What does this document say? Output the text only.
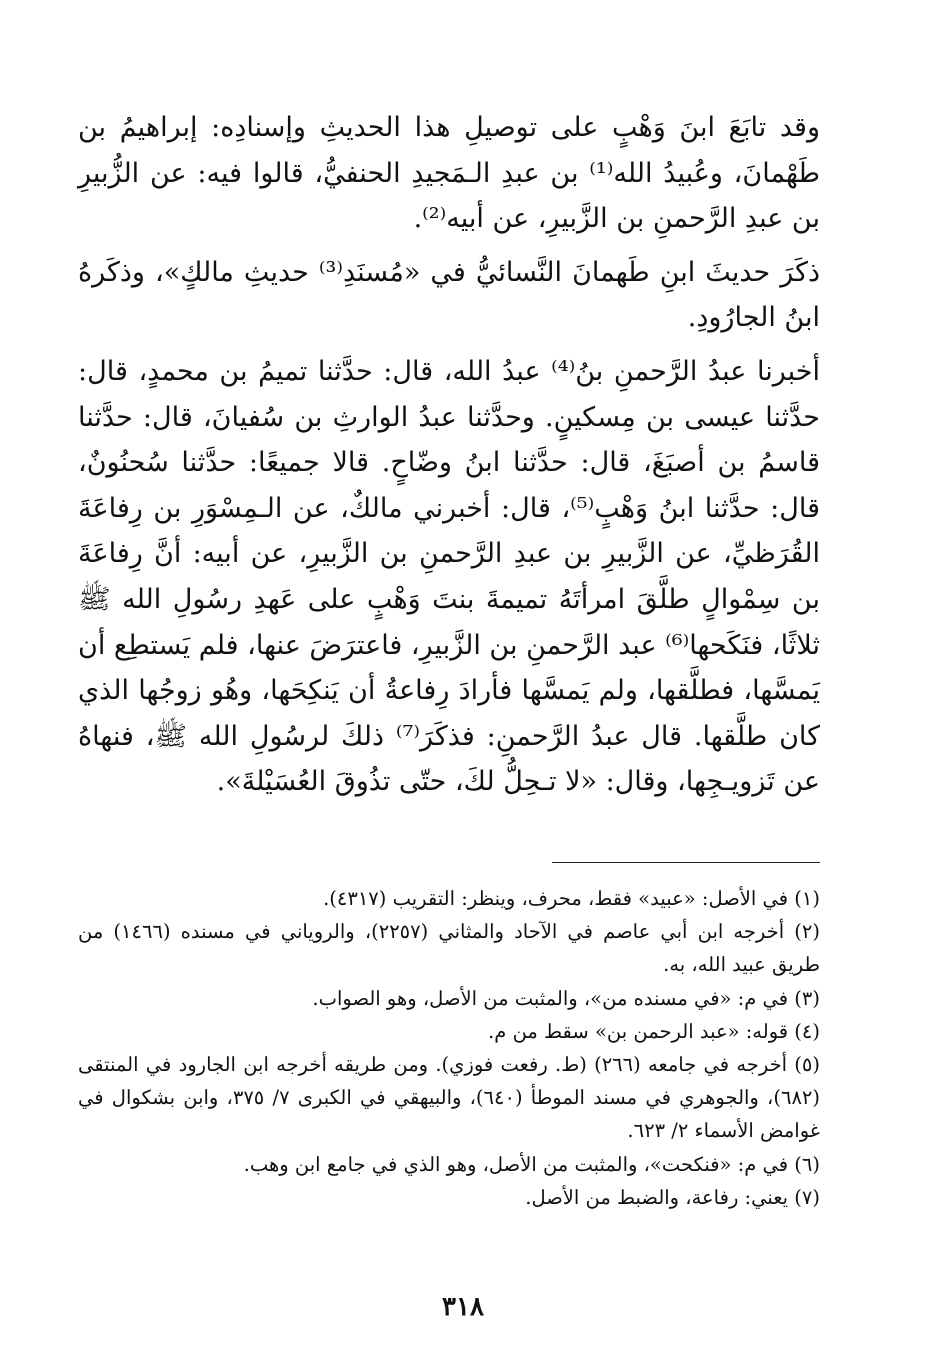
وقد تابَعَ ابنَ وَهْبٍ على توصيلِ هذا الحديثِ وإسنادِه: إبراهيمُ بن طَهْمانَ، وعُبيدُ الله⁽¹⁾ بن عبدِ الـمَجيدِ الحنفيُّ، قالوا فيه: عن الزُّبيرِ بن عبدِ الرَّحمنِ بن الزَّبيرِ، عن أبيه⁽²⁾.

ذكَرَ حديثَ ابنِ طَهمانَ النَّسائيُّ في «مُسنَدِ⁽³⁾ حديثِ مالكٍ»، وذكَرهُ ابنُ الجارُودِ.

أخبرنا عبدُ الرَّحمنِ بنُ⁽⁴⁾ عبدُ الله، قال: حدَّثنا تميمُ بن محمدٍ، قال: حدَّثنا عيسى بن مِسكينٍ. وحدَّثنا عبدُ الوارثِ بن سُفيانَ، قال: حدَّثنا قاسمُ بن أصبَغَ، قال: حدَّثنا ابنُ وضّاحٍ. قالا جميعًا: حدَّثنا سُحنُونٌ، قال: حدَّثنا ابنُ وَهْبٍ⁽⁵⁾، قال: أخبرني مالكٌ، عن الـمِسْوَرِ بن رِفاعَةَ القُرَظيِّ، عن الزَّبيرِ بن عبدِ الرَّحمنِ بن الزَّبيرِ، عن أبيه: أنَّ رِفاعَةَ بن سِمْوالٍ طلَّقَ امرأتَهُ تميمةَ بنتَ وَهْبٍ على عَهدِ رسُولِ الله ﷺ ثلاثًا، فنَكَحها⁽⁶⁾ عبد الرَّحمنِ بن الزَّبيرِ، فاعترَضَ عنها، فلم يَستطِع أن يَمسَّها، فطلَّقها، ولم يَمسَّها فأرادَ رِفاعةُ أن يَنكِحَها، وهُو زوجُها الذي كان طلَّقها. قال عبدُ الرَّحمنِ: فذكَرَ⁽⁷⁾ ذلكَ لرسُولِ الله ﷺ، فنهاهُ عن تَزويـجِها، وقال: «لا تـحِلُّ لكَ، حتّى تذُوقَ العُسَيْلةَ».

(١) في الأصل: «عبيد» فقط، محرف، وينظر: التقريب (٤٣١٧).

(٢) أخرجه ابن أبي عاصم في الآحاد والمثاني (٢٢٥٧)، والروياني في مسنده (١٤٦٦) من طريق عبيد الله، به.

(٣) في م: «في مسنده من»، والمثبت من الأصل، وهو الصواب.

(٤) قوله: «عبد الرحمن بن» سقط من م.

(٥) أخرجه في جامعه (٢٦٦) (ط. رفعت فوزي). ومن طريقه أخرجه ابن الجارود في المنتقى (٦٨٢)، والجوهري في مسند الموطأ (٦٤٠)، والبيهقي في الكبرى ٧/ ٣٧٥، وابن بشكوال في غوامض الأسماء ٢/ ٦٢٣.

(٦) في م: «فنكحت»، والمثبت من الأصل، وهو الذي في جامع ابن وهب.

(٧) يعني: رفاعة، والضبط من الأصل.

٣١٨
